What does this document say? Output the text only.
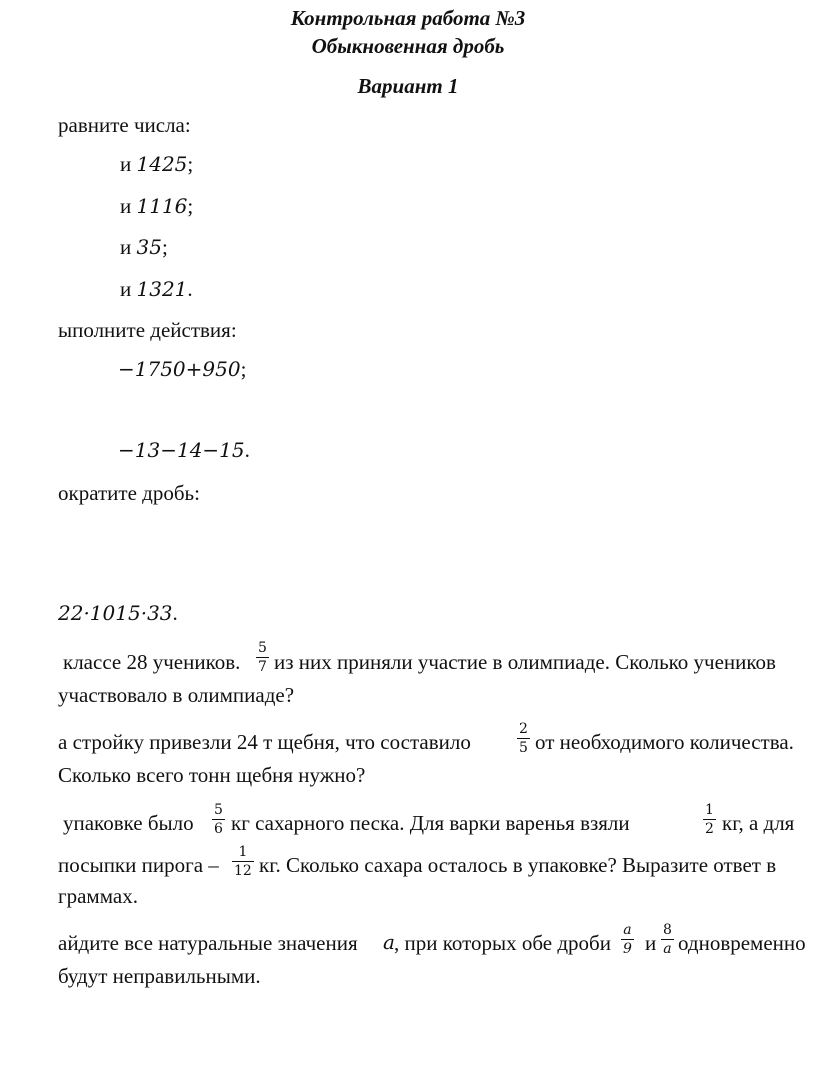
Контрольная работа №3
Обыкновенная дробь
Вариант 1
равните числа:
и 1425;
и 1116;
и 35;
и 1321.
ыполните действия:
−1750+950;
−13−14−15.
ократите дробь:
22·1015·33.
классе 28 учеников.
5
7 из них приняли участие в олимпиаде. Сколько учеников
участвовало в олимпиаде?
а стройку привезли 24 т щебня, что составило
2
5 от необходимого количества.
Сколько всего тонн щебня нужно?
упаковке было
5
6 кг сахарного песка. Для варки варенья взяли
1
2 кг, а для
посыпки пирога –
1
12 кг. Сколько сахара осталось в упаковке? Выразите ответ в
граммах.
айдите все натуральные значения a , при которых обе дроби
a
9 и
8
a одновременно
будут неправильными.
